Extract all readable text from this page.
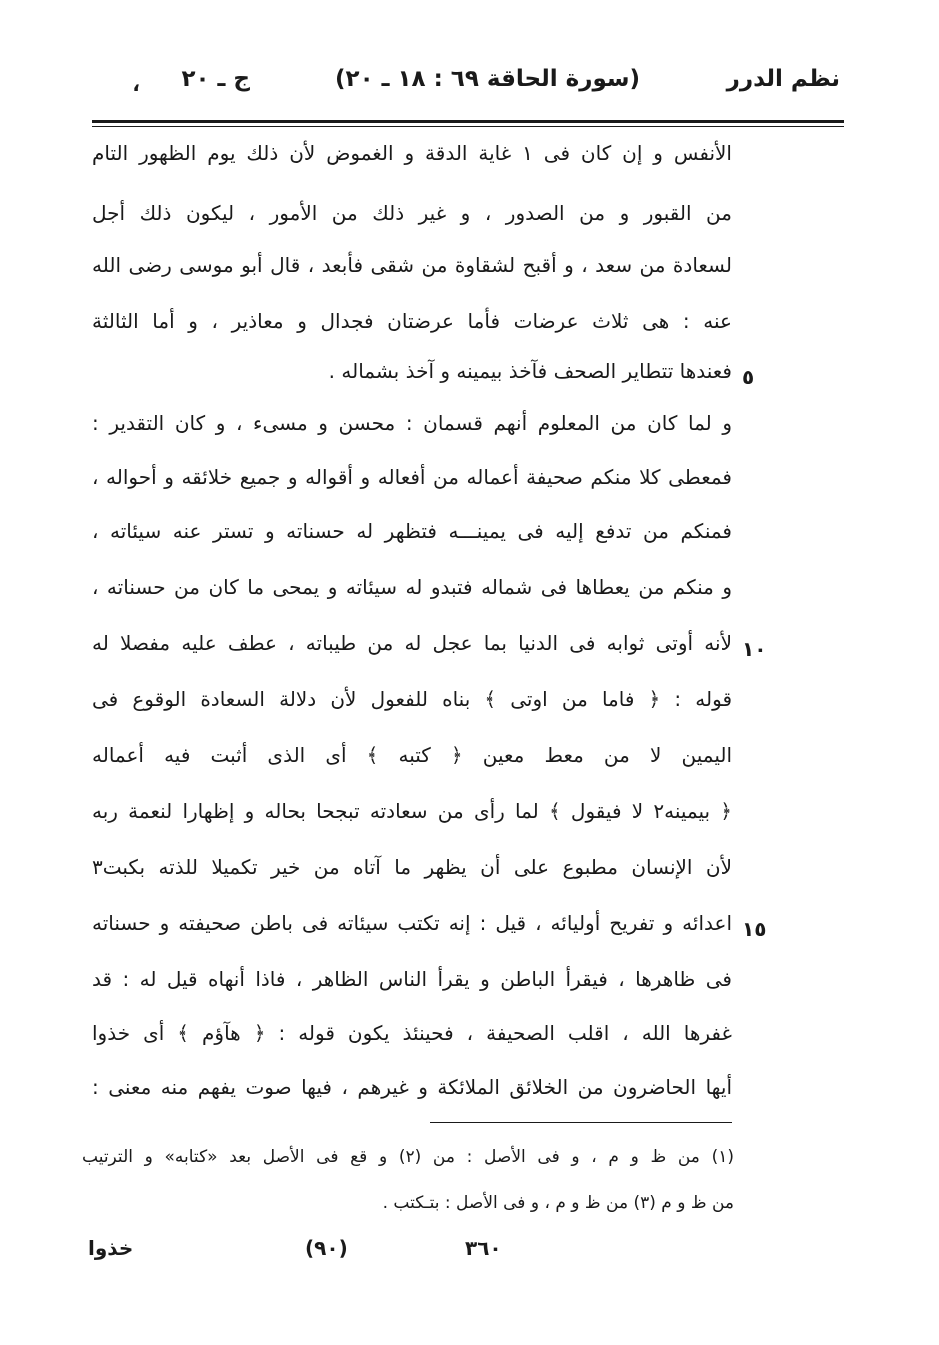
نظم الدرر
(سورة الحاقة ٦٩ : ١٨ ـ ٢٠)
ج ـ ٢٠
،
الأنفس و إن كان فى ١ غاية الدقة و الغموض لأن ذلك يوم الظهور التام
من القبور و من الصدور ، و غير ذلك من الأمور ، ليكون ذلك أجل
لسعادة من سعد ، و أقبح لشقاوة من شقى فأبعد ، قال أبو موسى رضى الله
عنه : هى ثلاث عرضات فأما عرضتان فجدال و معاذير ، و أما الثالثة
فعندها تتطاير الصحف فآخذ بيمينه و آخذ بشماله . ٥
و لما كان من المعلوم أنهم قسمان : محسن و مسىء ، و كان التقدير :
فمعطى كلا منكم صحيفة أعماله من أفعاله و أقواله و جميع خلائقه و أحواله ،
فمنكم من تدفع إليه فى يمينـــه فتظهر له حسناته و تستر عنه سيئاته ،
و منكم من يعطاها فى شماله فتبدو له سيئاته و يمحى ما كان من حسناته ،
لأنه أوتى ثوابه فى الدنيا بما عجل له من طيباته ، عطف عليه مفصلا له ١٠
قوله : ﴿ فاما من اوتى ﴾ بناه للفعول لأن دلالة السعادة الوقوع فى
اليمين لا من معط معين ﴿ كتبه ﴾ أى الذى أثبت فيه أعماله
﴿ بيمينه٢ لا فيقول ﴾ لما رأى من سعادته تبجحا بحاله و إظهارا لنعمة ربه
لأن الإنسان مطبوع على أن يظهر ما آتاه من خير تكميلا للذته بكبت٣
اعدائه و تفريح أوليائه ، قيل : إنه تكتب سيئاته فى باطن صحيفته و حسناته ١٥
فى ظاهرها ، فيقرأ الباطن و يقرأ الناس الظاهر ، فاذا أنهاه قيل له : قد
غفرها الله ، اقلب الصحيفة ، فحينئذ يكون قوله : ﴿ هآؤم ﴾ أى خذوا
أيها الحاضرون من الخلائق الملائكة و غيرهم ، فيها صوت يفهم منه معنى :
(١) من ظ و م ، و فى الأصل : من (٢) و قع فى الأصل بعد «كتابه» و الترتيب
من ظ و م (٣) من ظ و م ، و فى الأصل : بتـكتب .
خذوا	(٩٠)	٣٦٠
